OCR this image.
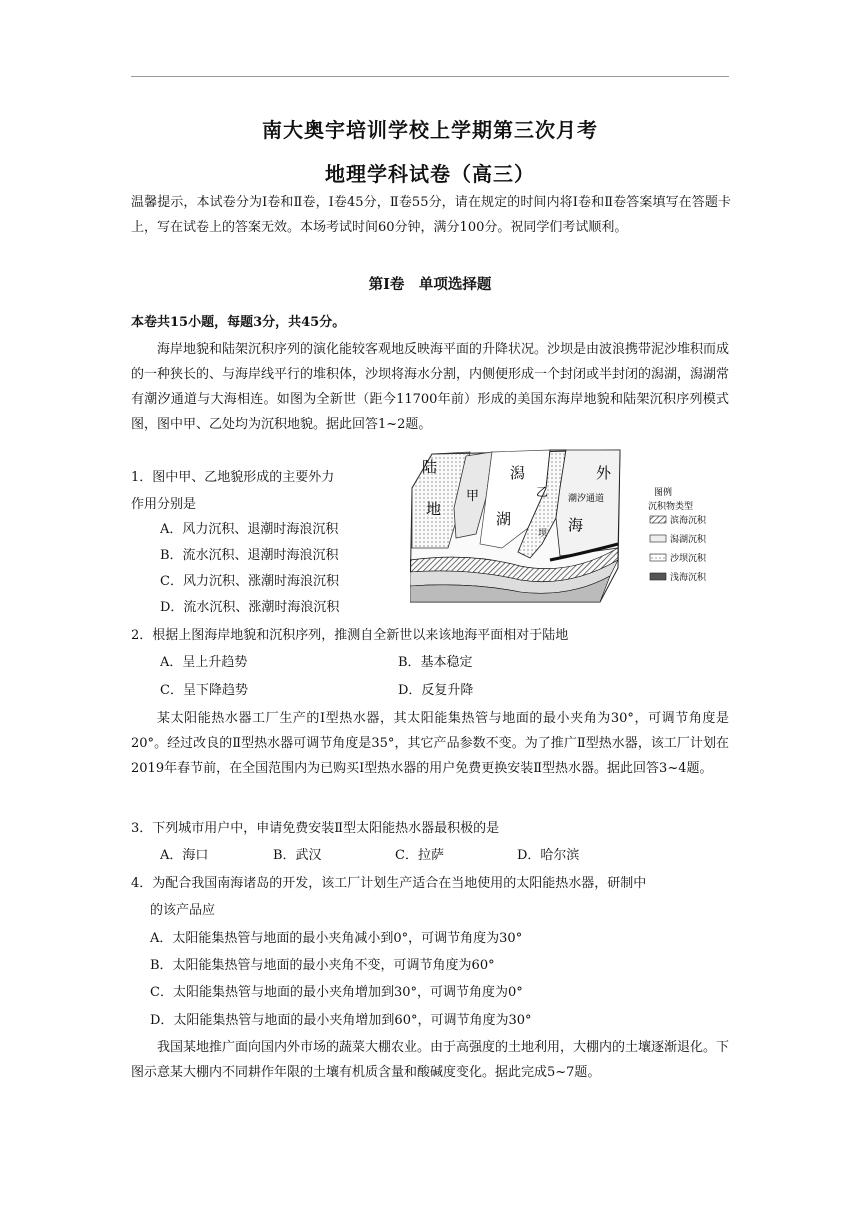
南大奥宇培训学校上学期第三次月考
地理学科试卷（高三）
温馨提示，本试卷分为Ⅰ卷和Ⅱ卷，Ⅰ卷45分，Ⅱ卷55分，请在规定的时间内将Ⅰ卷和Ⅱ卷答案填写在答题卡上，写在试卷上的答案无效。本场考试时间60分钟，满分100分。祝同学们考试顺利。
第Ⅰ卷　单项选择题
本卷共15小题，每题3分，共45分。
海岸地貌和陆架沉积序列的演化能较客观地反映海平面的升降状况。沙坝是由波浪携带泥沙堆积而成的一种狭长的、与海岸线平行的堆积体，沙坝将海水分割，内侧便形成一个封闭或半封闭的潟湖，潟湖常有潮汐通道与大海相连。如图为全新世（距今11700年前）形成的美国东海岸地貌和陆架沉积序列模式图，图中甲、乙处均为沉积地貌。据此回答1~2题。
陆
地
甲
潟
湖
乙
外
海
潮汐通道
坝
图例
沉积物类型
滨海沉积
潟湖沉积
沙坝沉积
浅海沉积
1．图中甲、乙地貌形成的主要外力
作用分别是
A．风力沉积、退潮时海浪沉积
B．流水沉积、退潮时海浪沉积
C．风力沉积、涨潮时海浪沉积
D．流水沉积、涨潮时海浪沉积
2．根据上图海岸地貌和沉积序列，推测自全新世以来该地海平面相对于陆地
A．呈上升趋势	B．基本稳定
C．呈下降趋势	D．反复升降
某太阳能热水器工厂生产的Ⅰ型热水器，其太阳能集热管与地面的最小夹角为30°，可调节角度是20°。经过改良的Ⅱ型热水器可调节角度是35°，其它产品参数不变。为了推广Ⅱ型热水器，该工厂计划在2019年春节前，在全国范围内为已购买Ⅰ型热水器的用户免费更换安装Ⅱ型热水器。据此回答3~4题。
3．下列城市用户中，申请免费安装Ⅱ型太阳能热水器最积极的是
A．海口	B．武汉	C．拉萨	D．哈尔滨
4．为配合我国南海诸岛的开发，该工厂计划生产适合在当地使用的太阳能热水器，研制中
的该产品应
A．太阳能集热管与地面的最小夹角减小到0°，可调节角度为30°
B．太阳能集热管与地面的最小夹角不变，可调节角度为60°
C．太阳能集热管与地面的最小夹角增加到30°，可调节角度为0°
D．太阳能集热管与地面的最小夹角增加到60°，可调节角度为30°
我国某地推广面向国内外市场的蔬菜大棚农业。由于高强度的土地利用，大棚内的土壤逐渐退化。下图示意某大棚内不同耕作年限的土壤有机质含量和酸碱度变化。据此完成5~7题。
